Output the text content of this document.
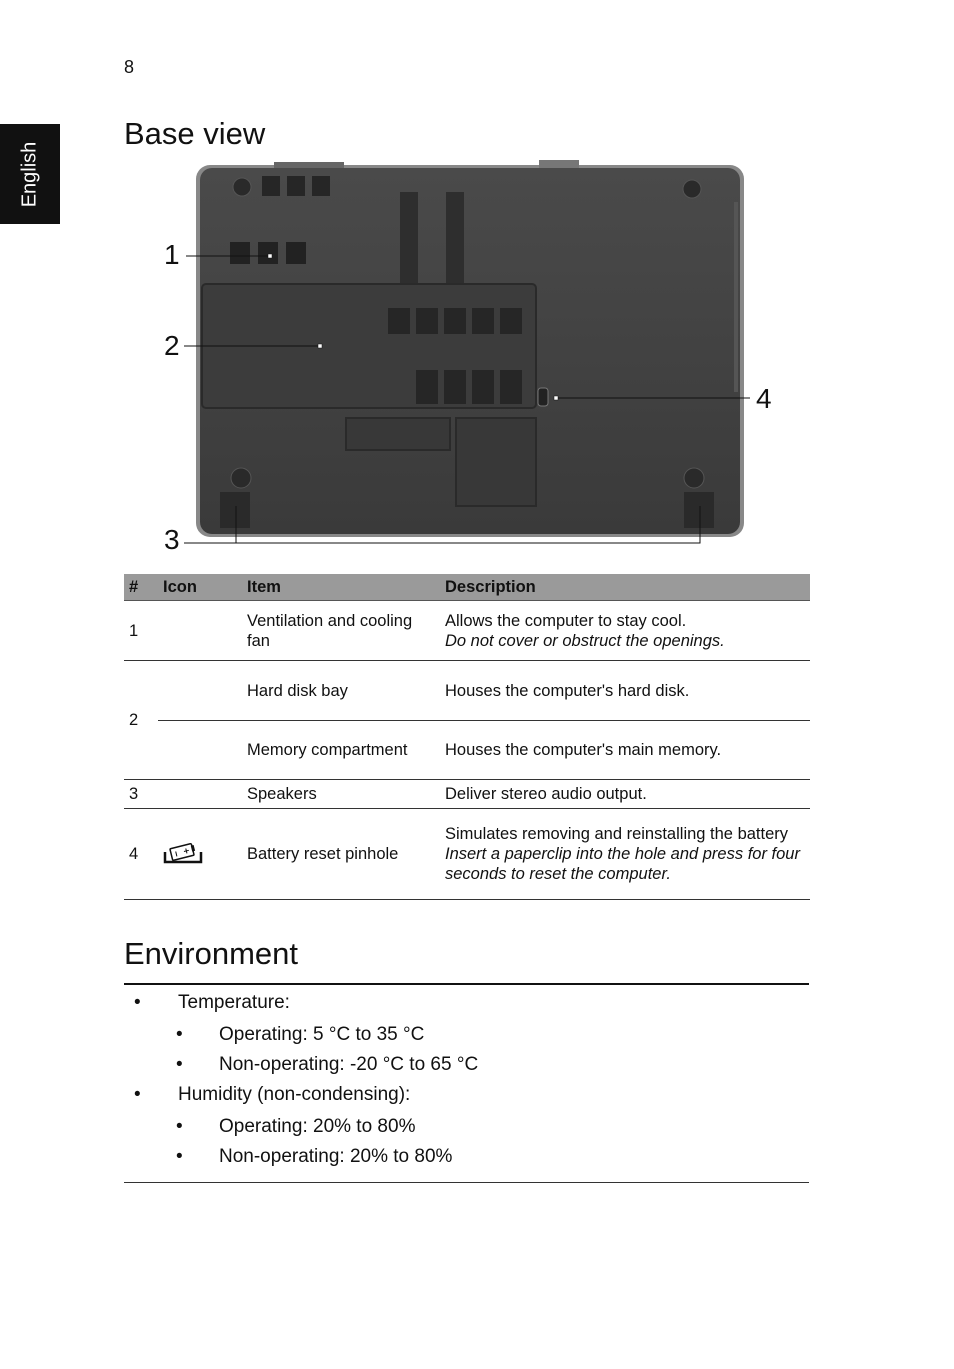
8
English
Base view
1
2
3
4
#	Icon	Item	Description
1		Ventilation and cooling fan	Allows the computer to stay cool.
Do not cover or obstruct the openings.

2		Hard disk bay	Houses the computer's hard disk.
		Memory compartment	Houses the computer's main memory.
3		Speakers	Deliver stereo audio output.
4		Battery reset pinhole	Simulates removing and reinstalling the battery
Insert a paperclip into the hole and press for four seconds to reset the computer.
Environment
• Temperature:
• Operating: 5 °C to 35 °C
• Non-operating: -20 °C to 65 °C
• Humidity (non-condensing):
• Operating: 20% to 80%
• Non-operating: 20% to 80%
